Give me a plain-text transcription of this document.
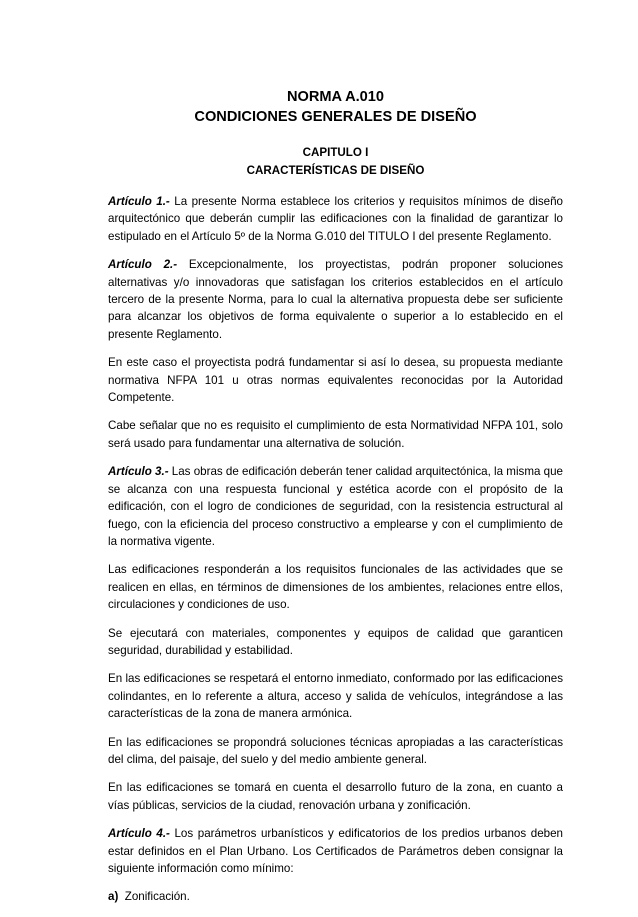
NORMA A.010
CONDICIONES GENERALES DE DISEÑO
CAPITULO I
CARACTERÍSTICAS DE DISEÑO

Artículo 1.- La presente Norma establece los criterios y requisitos mínimos de diseño arquitectónico que deberán cumplir las edificaciones con la finalidad de garantizar lo estipulado en el Artículo 5º de la Norma G.010 del TITULO I del presente Reglamento.

Artículo 2.- Excepcionalmente, los proyectistas, podrán proponer soluciones alternativas y/o innovadoras que satisfagan los criterios establecidos en el artículo tercero de la presente Norma, para lo cual la alternativa propuesta debe ser suficiente para alcanzar los objetivos de forma equivalente o superior a lo establecido en el presente Reglamento.

En este caso el proyectista podrá fundamentar si así lo desea, su propuesta mediante normativa NFPA 101 u otras normas equivalentes reconocidas por la Autoridad Competente.

Cabe señalar que no es requisito el cumplimiento de esta Normatividad NFPA 101, solo será usado para fundamentar una alternativa de solución.

Artículo 3.- Las obras de edificación deberán tener calidad arquitectónica, la misma que se alcanza con una respuesta funcional y estética acorde con el propósito de la edificación, con el logro de condiciones de seguridad, con la resistencia estructural al fuego, con la eficiencia del proceso constructivo a emplearse y con el cumplimiento de la normativa vigente.

Las edificaciones responderán a los requisitos funcionales de las actividades que se realicen en ellas, en términos de dimensiones de los ambientes, relaciones entre ellos, circulaciones y condiciones de uso.

Se ejecutará con materiales, componentes y equipos de calidad que garanticen seguridad, durabilidad y estabilidad.

En las edificaciones se respetará el entorno inmediato, conformado por las edificaciones colindantes, en lo referente a altura, acceso y salida de vehículos, integrándose a las características de la zona de manera armónica.

En las edificaciones se propondrá soluciones técnicas apropiadas a las características del clima, del paisaje, del suelo y del medio ambiente general.

En las edificaciones se tomará en cuenta el desarrollo futuro de la zona, en cuanto a vías públicas, servicios de la ciudad, renovación urbana y zonificación.

Artículo 4.- Los parámetros urbanísticos y edificatorios de los predios urbanos deben estar definidos en el Plan Urbano. Los Certificados de Parámetros deben consignar la siguiente información como mínimo:

a)  Zonificación.
